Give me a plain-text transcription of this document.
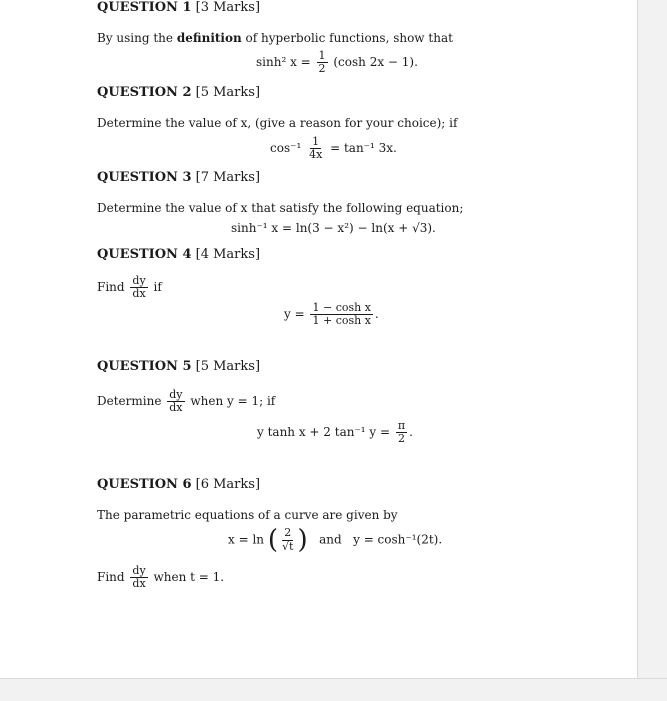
QUESTION 1 [3 Marks]
By using the definition of hyperbolic functions, show that
sinh² $x = \frac{1}{2} (\cosh$ 2x − 1).
QUESTION 2 [5 Marks]
Determine the value of x, (give a reason for your choice); if
$\cos^{-1} \frac{1}{4x} = \tan^{-1}$ 3x.
QUESTION 3 [7 Marks]
Determine the value of x that satisfy the following equation;
sinh⁻¹ x = ln(3 − x²) − ln(x + √3).
QUESTION 4 [4 Marks]
Find $\frac{dy}{dx}$ if
$y = \frac{\text{1 − cosh x}}{\text{1 + cosh x}}$ .
QUESTION 5 [5 Marks]
Determine $\frac{dy}{dx}$ when y = 1; if
y tanh x + 2 tan⁻¹ $y = \frac{\pi}{2}$ .
QUESTION 6 [6 Marks]
The parametric equations of a curve are given by
x = ln ( $\frac{2}{√t}$ ) and y = cosh⁻¹(2t).
Find $\frac{dy}{dx}$ when t = 1.
